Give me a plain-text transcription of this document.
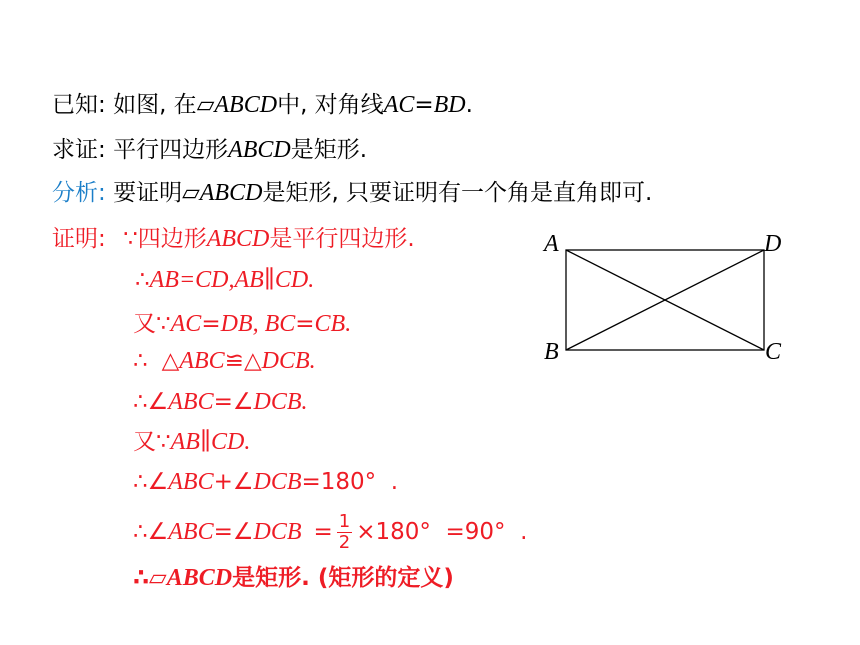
已知: 如图, 在▱ABCD中, 对角线AC=BD.
求证: 平行四边形ABCD是矩形.
分析: 要证明▱ABCD是矩形, 只要证明有一个角是直角即可.
证明: ∵四边形ABCD是平行四边形.
∴AB=CD,AB∥CD.
又∵AC=DB, BC=CB.
∴ △ABC≌△DCB.
∴∠ABC=∠DCB.
又∵AB∥CD.
∴∠ABC+∠DCB=180°  .
∴∠ABC=∠DCB = $\frac{1}{2} \times 180^\circ =90^\circ$  .
∴▱ABCD是矩形. (矩形的定义)
A	D
B	C
